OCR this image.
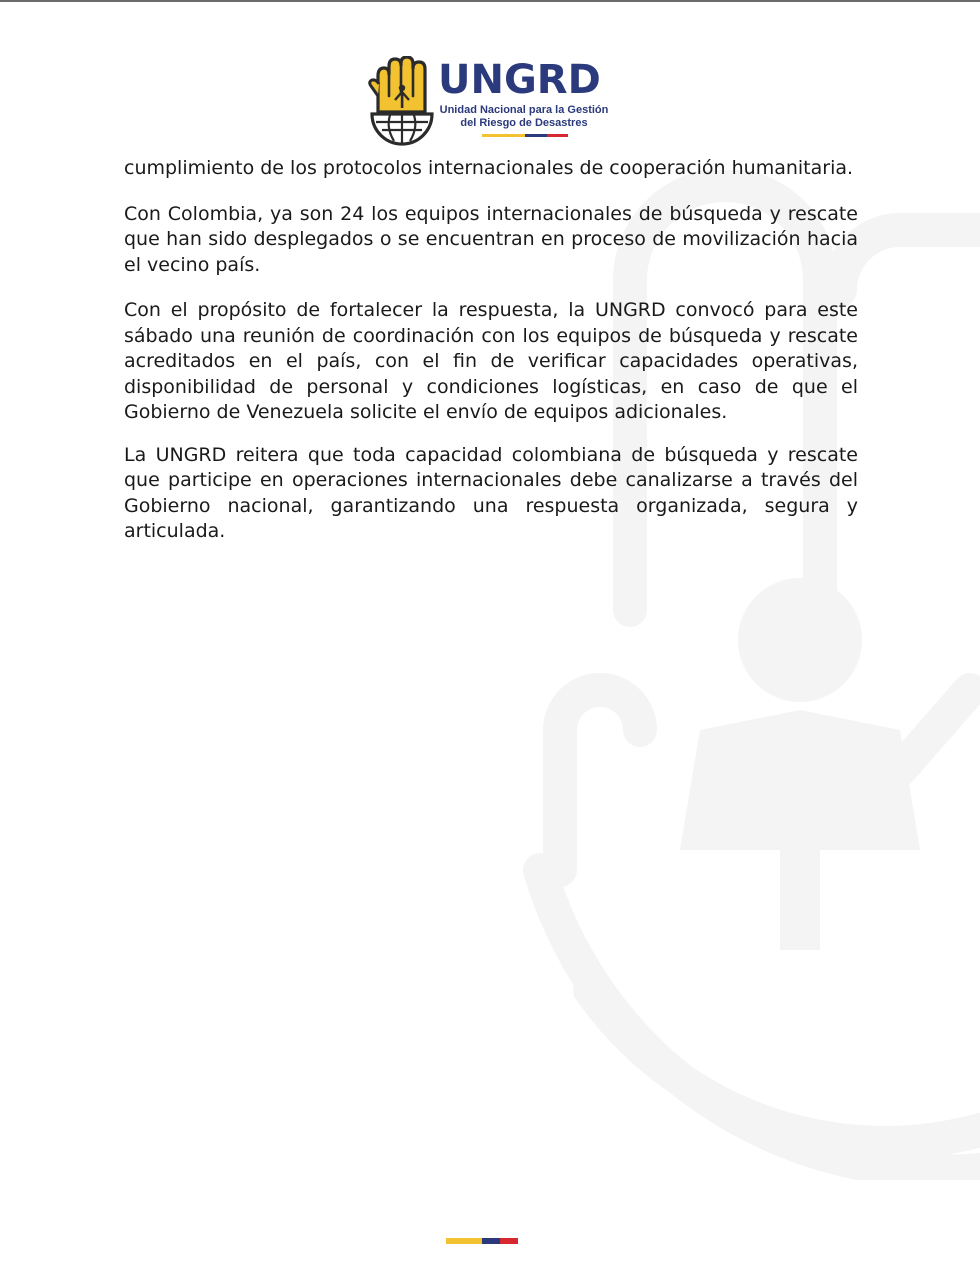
UNGRD
Unidad Nacional para la Gestión
del Riesgo de Desastres

cumplimiento de los protocolos internacionales de cooperación humanitaria.

Con Colombia, ya son 24 los equipos internacionales de búsqueda y rescate que han sido desplegados o se encuentran en proceso de movilización hacia el vecino país.

Con el propósito de fortalecer la respuesta, la UNGRD convocó para este sábado una reunión de coordinación con los equipos de búsqueda y rescate acreditados en el país, con el fin de verificar capacidades operativas, disponibilidad de personal y condiciones logísticas, en caso de que el Gobierno de Venezuela solicite el envío de equipos adicionales.

La UNGRD reitera que toda capacidad colombiana de búsqueda y rescate que participe en operaciones internacionales debe canalizarse a través del Gobierno nacional, garantizando una respuesta organizada, segura y articulada.
